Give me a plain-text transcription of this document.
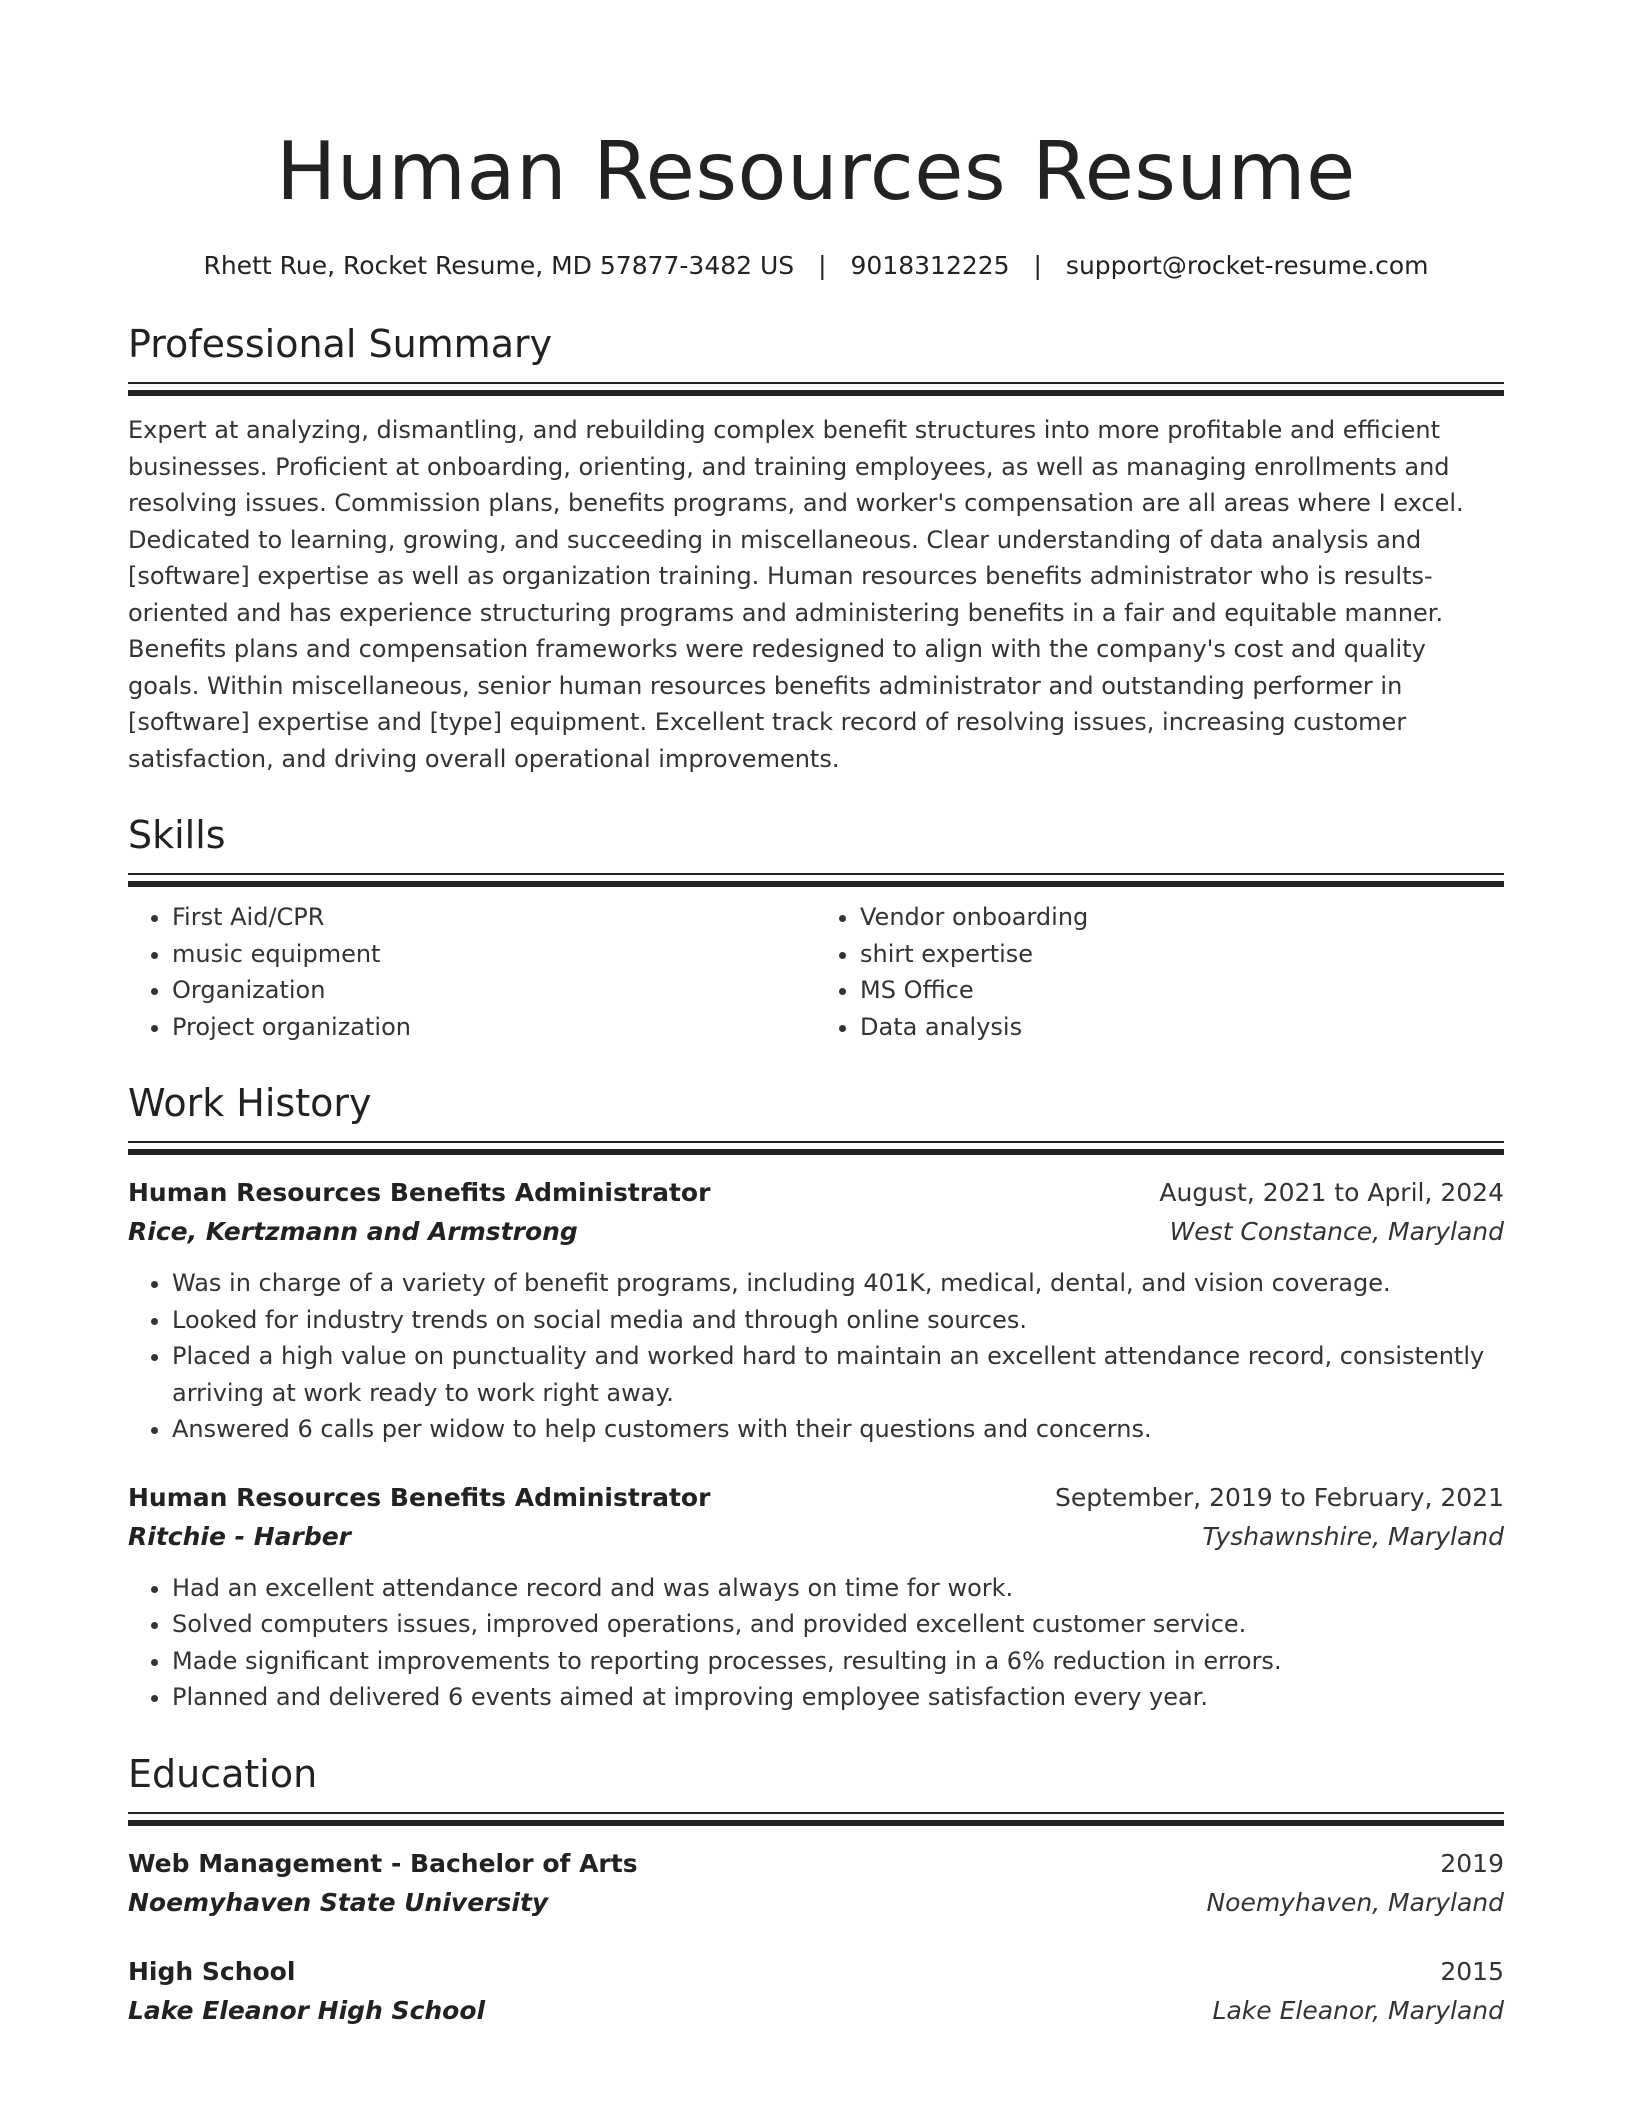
Human Resources Resume
Rhett Rue, Rocket Resume, MD 57877-3482 US | 9018312225 | support@rocket-resume.com
Professional Summary
Expert at analyzing, dismantling, and rebuilding complex benefit structures into more profitable and efficient businesses. Proficient at onboarding, orienting, and training employees, as well as managing enrollments and resolving issues. Commission plans, benefits programs, and worker's compensation are all areas where I excel. Dedicated to learning, growing, and succeeding in miscellaneous. Clear understanding of data analysis and [software] expertise as well as organization training. Human resources benefits administrator who is results-oriented and has experience structuring programs and administering benefits in a fair and equitable manner. Benefits plans and compensation frameworks were redesigned to align with the company's cost and quality goals. Within miscellaneous, senior human resources benefits administrator and outstanding performer in [software] expertise and [type] equipment. Excellent track record of resolving issues, increasing customer satisfaction, and driving overall operational improvements.
Skills
• First Aid/CPR
• music equipment
• Organization
• Project organization
• Vendor onboarding
• shirt expertise
• MS Office
• Data analysis
Work History
Human Resources Benefits Administrator	August, 2021 to April, 2024
Rice, Kertzmann and Armstrong	West Constance, Maryland
• Was in charge of a variety of benefit programs, including 401K, medical, dental, and vision coverage.
• Looked for industry trends on social media and through online sources.
• Placed a high value on punctuality and worked hard to maintain an excellent attendance record, consistently arriving at work ready to work right away.
• Answered 6 calls per widow to help customers with their questions and concerns.
Human Resources Benefits Administrator	September, 2019 to February, 2021
Ritchie - Harber	Tyshawnshire, Maryland
• Had an excellent attendance record and was always on time for work.
• Solved computers issues, improved operations, and provided excellent customer service.
• Made significant improvements to reporting processes, resulting in a 6% reduction in errors.
• Planned and delivered 6 events aimed at improving employee satisfaction every year.
Education
Web Management - Bachelor of Arts	2019
Noemyhaven State University	Noemyhaven, Maryland
High School	2015
Lake Eleanor High School	Lake Eleanor, Maryland
